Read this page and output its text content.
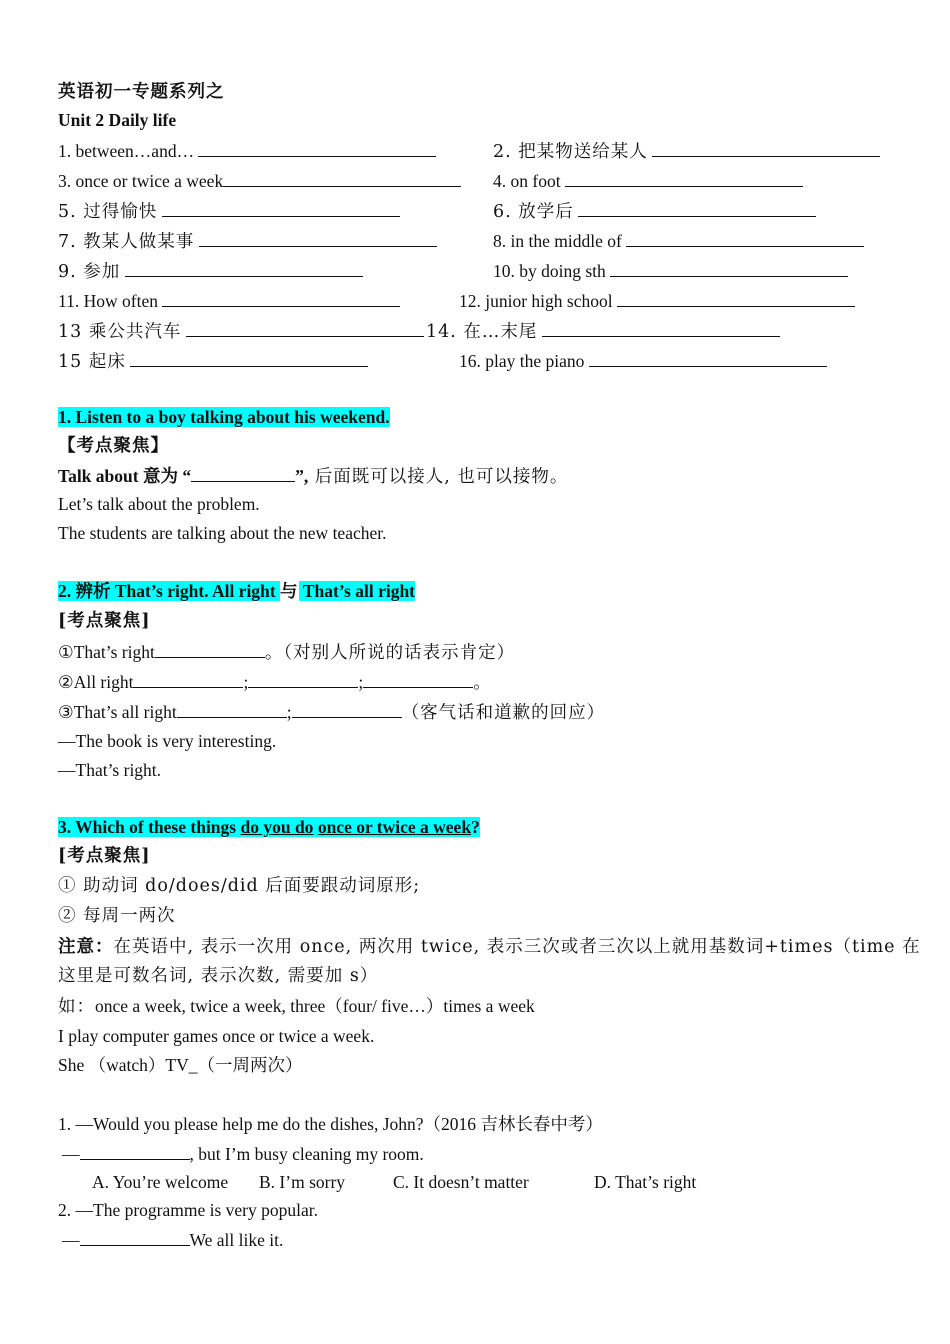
英语初一专题系列之
Unit 2 Daily life
1. between…and…	2. 把某物送给某人
3. once or twice a week	4. on foot
5. 过得愉快	6. 放学后
7. 教某人做某事	8. in the middle of
9. 参加	10. by doing sth
11. How often	12. junior high school
13 乘公共汽车	14. 在…末尾
15 起床	16. play the piano
1. Listen to a boy talking about his weekend.
【考点聚焦】
Talk about 意为 “	”, 后面既可以接人, 也可以接物。
Let’s talk about the problem.
The students are talking about the new teacher.
2. 辨析 That’s right. All right 与 That’s all right
[考点聚焦]
①That’s right	。（对别人所说的话表示肯定）
②All right	;	;	。
③That’s all right	;	（客气话和道歉的回应）
—The book is very interesting.
—That’s right.
3. Which of these things do you do once or twice a week?
[考点聚焦]
① 助动词 do/does/did 后面要跟动词原形;
② 每周一两次
注意：在英语中, 表示一次用 once, 两次用 twice, 表示三次或者三次以上就用基数词+times（time 在
这里是可数名词, 表示次数, 需要加 s）
如：once a week, twice a week, three（four/ five…）times a week
I play computer games once or twice a week.
She （watch）TV_（一周两次）
1. —Would you please help me do the dishes, John?（2016 吉林长春中考）
—	, but I’m busy cleaning my room.
A. You’re welcome B. I’m sorry	C. It doesn’t matter	D. That’s right
2. —The programme is very popular.
—	We all like it.
